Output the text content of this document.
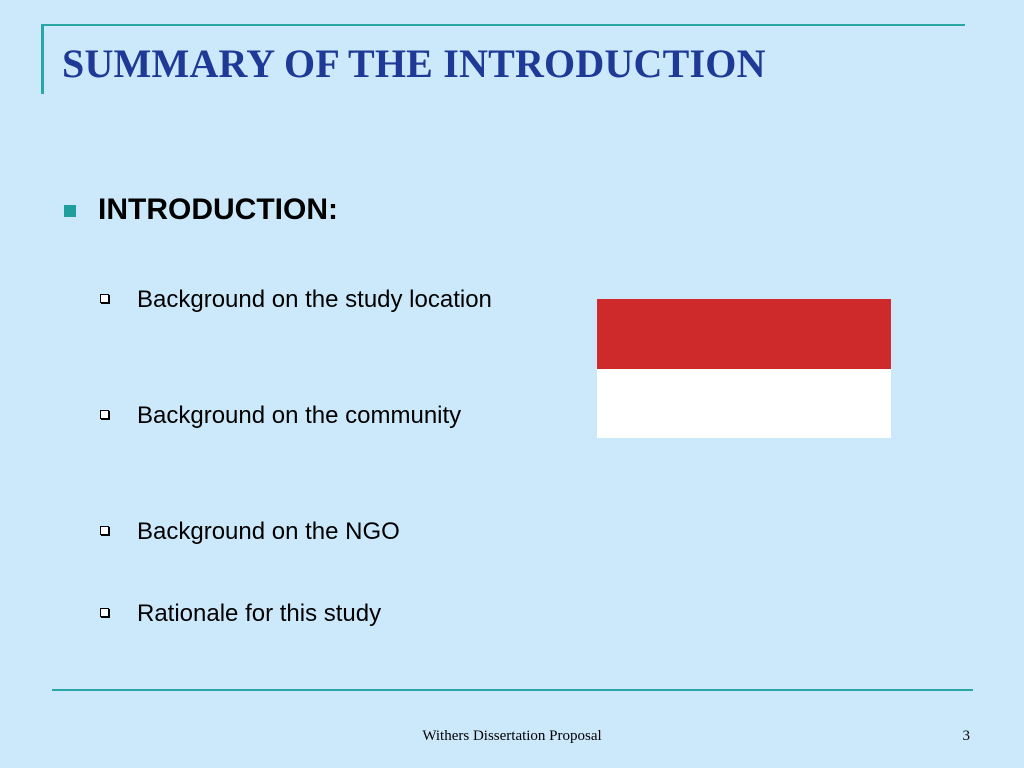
SUMMARY OF THE INTRODUCTION
INTRODUCTION:
Background on the study location
Background on the community
Background on the NGO
Rationale for this study
Withers Dissertation Proposal	3
